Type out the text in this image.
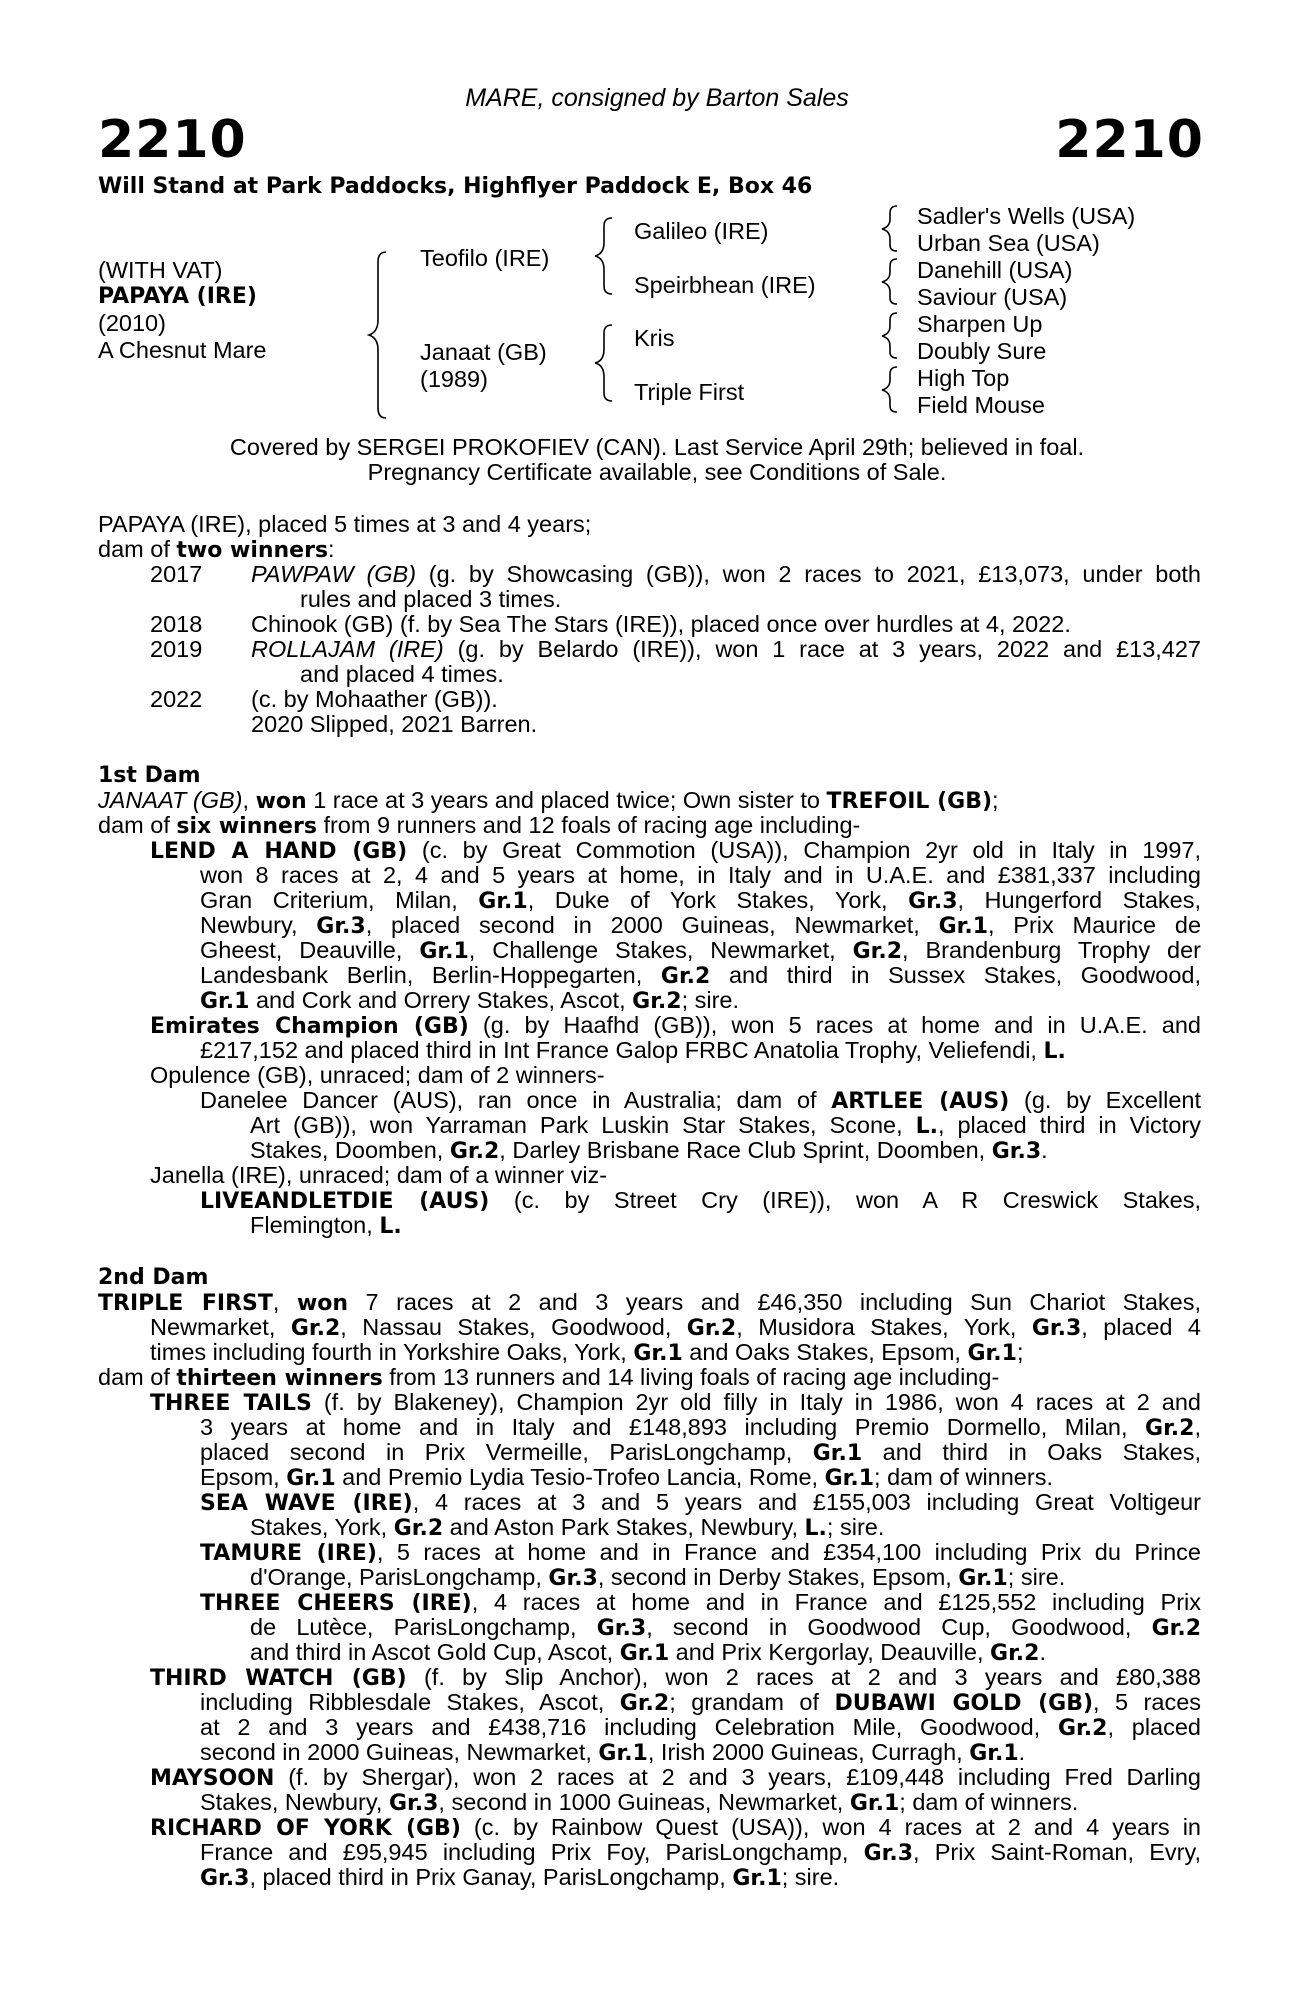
MARE, consigned by Barton Sales
2210	2210
Will Stand at Park Paddocks, Highflyer Paddock E, Box 46
(WITH VAT)
PAPAYA (IRE)
(2010)
A Chesnut Mare
Teofilo (IRE)
Janaat (GB)
(1989)
Galileo (IRE)
Speirbhean (IRE)
Kris
Triple First
Sadler's Wells (USA)
Urban Sea (USA)
Danehill (USA)
Saviour (USA)
Sharpen Up
Doubly Sure
High Top
Field Mouse
Covered by SERGEI PROKOFIEV (CAN). Last Service April 29th; believed in foal.
Pregnancy Certificate available, see Conditions of Sale.
PAPAYA (IRE), placed 5 times at 3 and 4 years;
dam of two winners:
2017 PAWPAW (GB) (g. by Showcasing (GB)), won 2 races to 2021, £13,073, under both
rules and placed 3 times.
2018 Chinook (GB) (f. by Sea The Stars (IRE)), placed once over hurdles at 4, 2022.
2019 ROLLAJAM (IRE) (g. by Belardo (IRE)), won 1 race at 3 years, 2022 and £13,427
and placed 4 times.
2022 (c. by Mohaather (GB)).
2020 Slipped, 2021 Barren.
1st Dam
JANAAT (GB), won 1 race at 3 years and placed twice; Own sister to TREFOIL (GB);
dam of six winners from 9 runners and 12 foals of racing age including-
LEND A HAND (GB) (c. by Great Commotion (USA)), Champion 2yr old in Italy in 1997,
won 8 races at 2, 4 and 5 years at home, in Italy and in U.A.E. and £381,337 including
Gran Criterium, Milan, Gr.1, Duke of York Stakes, York, Gr.3, Hungerford Stakes,
Newbury, Gr.3, placed second in 2000 Guineas, Newmarket, Gr.1, Prix Maurice de
Gheest, Deauville, Gr.1, Challenge Stakes, Newmarket, Gr.2, Brandenburg Trophy der
Landesbank Berlin, Berlin-Hoppegarten, Gr.2 and third in Sussex Stakes, Goodwood,
Gr.1 and Cork and Orrery Stakes, Ascot, Gr.2; sire.
Emirates Champion (GB) (g. by Haafhd (GB)), won 5 races at home and in U.A.E. and
£217,152 and placed third in Int France Galop FRBC Anatolia Trophy, Veliefendi, L.
Opulence (GB), unraced; dam of 2 winners-
Danelee Dancer (AUS), ran once in Australia; dam of ARTLEE (AUS) (g. by Excellent
Art (GB)), won Yarraman Park Luskin Star Stakes, Scone, L., placed third in Victory
Stakes, Doomben, Gr.2, Darley Brisbane Race Club Sprint, Doomben, Gr.3.
Janella (IRE), unraced; dam of a winner viz-
LIVEANDLETDIE (AUS) (c. by Street Cry (IRE)), won A R Creswick Stakes,
Flemington, L.
2nd Dam
TRIPLE FIRST, won 7 races at 2 and 3 years and £46,350 including Sun Chariot Stakes,
Newmarket, Gr.2, Nassau Stakes, Goodwood, Gr.2, Musidora Stakes, York, Gr.3, placed 4
times including fourth in Yorkshire Oaks, York, Gr.1 and Oaks Stakes, Epsom, Gr.1;
dam of thirteen winners from 13 runners and 14 living foals of racing age including-
THREE TAILS (f. by Blakeney), Champion 2yr old filly in Italy in 1986, won 4 races at 2 and
3 years at home and in Italy and £148,893 including Premio Dormello, Milan, Gr.2,
placed second in Prix Vermeille, ParisLongchamp, Gr.1 and third in Oaks Stakes,
Epsom, Gr.1 and Premio Lydia Tesio-Trofeo Lancia, Rome, Gr.1; dam of winners.
SEA WAVE (IRE), 4 races at 3 and 5 years and £155,003 including Great Voltigeur
Stakes, York, Gr.2 and Aston Park Stakes, Newbury, L.; sire.
TAMURE (IRE), 5 races at home and in France and £354,100 including Prix du Prince
d'Orange, ParisLongchamp, Gr.3, second in Derby Stakes, Epsom, Gr.1; sire.
THREE CHEERS (IRE), 4 races at home and in France and £125,552 including Prix
de Lutèce, ParisLongchamp, Gr.3, second in Goodwood Cup, Goodwood, Gr.2
and third in Ascot Gold Cup, Ascot, Gr.1 and Prix Kergorlay, Deauville, Gr.2.
THIRD WATCH (GB) (f. by Slip Anchor), won 2 races at 2 and 3 years and £80,388
including Ribblesdale Stakes, Ascot, Gr.2; grandam of DUBAWI GOLD (GB), 5 races
at 2 and 3 years and £438,716 including Celebration Mile, Goodwood, Gr.2, placed
second in 2000 Guineas, Newmarket, Gr.1, Irish 2000 Guineas, Curragh, Gr.1.
MAYSOON (f. by Shergar), won 2 races at 2 and 3 years, £109,448 including Fred Darling
Stakes, Newbury, Gr.3, second in 1000 Guineas, Newmarket, Gr.1; dam of winners.
RICHARD OF YORK (GB) (c. by Rainbow Quest (USA)), won 4 races at 2 and 4 years in
France and £95,945 including Prix Foy, ParisLongchamp, Gr.3, Prix Saint-Roman, Evry,
Gr.3, placed third in Prix Ganay, ParisLongchamp, Gr.1; sire.
